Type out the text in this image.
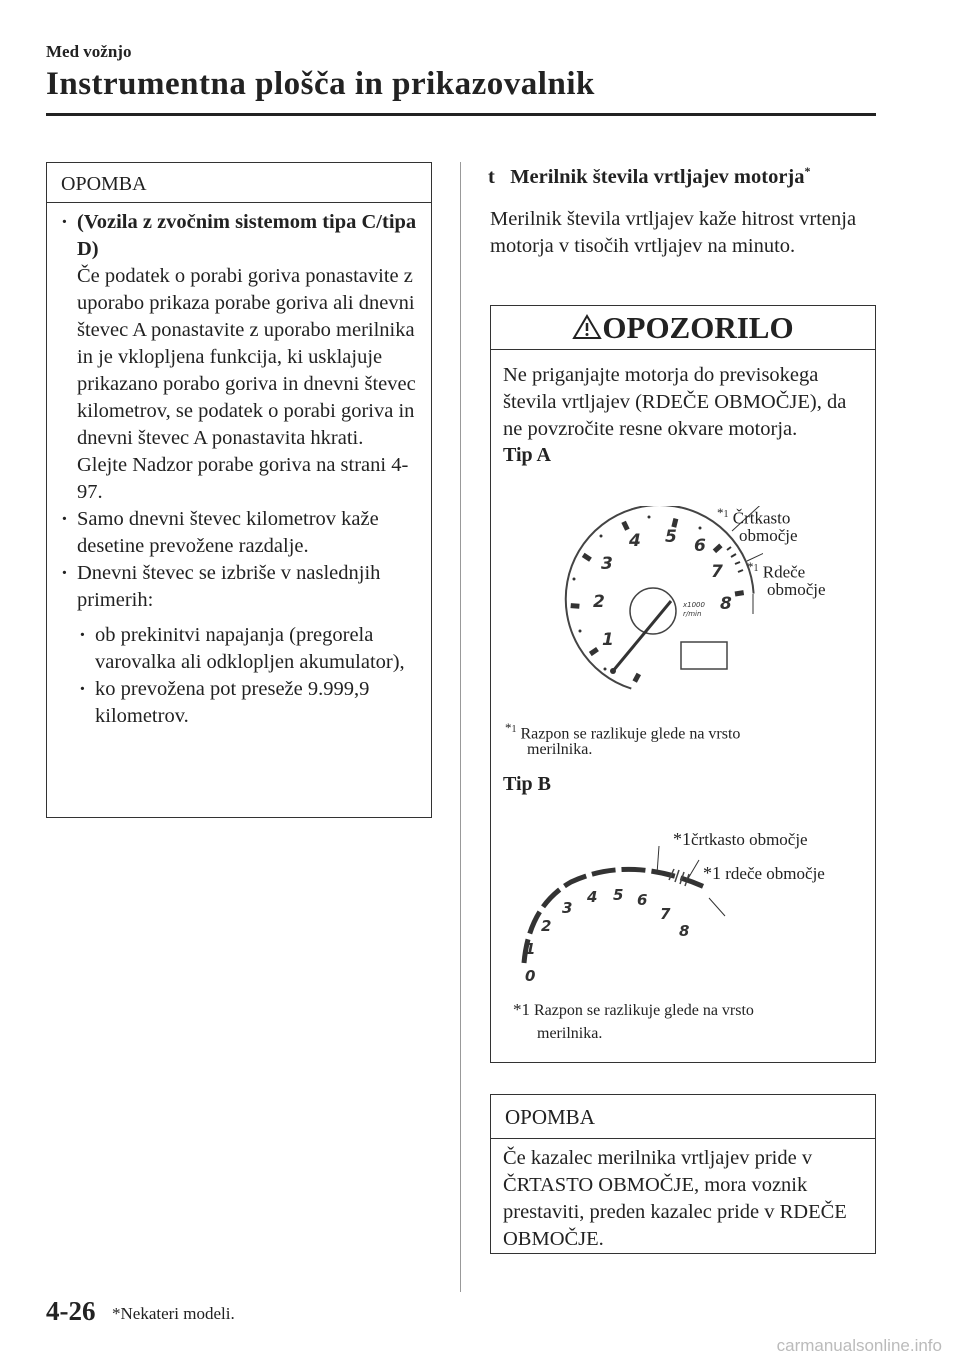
Med vožnjo
Instrumentna plošča in prikazovalnik
OPOMBA
· (Vozila z zvočnim sistemom tipa C/tipa D)
Če podatek o porabi goriva ponastavite z uporabo prikaza porabe goriva ali dnevni števec A ponastavite z uporabo merilnika in je vklopljena funkcija, ki usklajuje prikazano porabo goriva in dnevni števec kilometrov, se podatek o porabi goriva in dnevni števec A ponastavita hkrati.
Glejte Nadzor porabe goriva na strani 4-97.
· Samo dnevni števec kilometrov kaže desetine prevožene razdalje.
· Dnevni števec se izbriše v naslednjih primerih:
· ob prekinitvi napajanja (pregorela varovalka ali odklopljen akumulator),
· ko prevožena pot preseže 9.999,9 kilometrov.
t Merilnik števila vrtljajev motorja*
Merilnik števila vrtljajev kaže hitrost vrtenja motorja v tisočih vrtljajev na minuto.
OPOZORILO
Ne priganjajte motorja do previsokega števila vrtljajev (RDEČE OBMOČJE), da ne povzročite resne okvare motorja.
Tip A
1
2
3
4 5 6
7
8
x1000
r/min
$^{*1}$ Črtkasto
območje
$^{*1}$ Rdeče
območje
$^{*1}$ Razpon se razlikuje glede na vrsto
merilnika.
Tip B
0
1
2
3
4 5 6
7
8
*1črtkasto območje
*1 rdeče območje
*1 Razpon se razlikuje glede na vrsto
merilnika.
OPOMBA
Če kazalec merilnika vrtljajev pride v ČRTASTO OBMOČJE, mora voznik prestaviti, preden kazalec pride v RDEČE OBMOČJE.
4-26 *Nekateri modeli.
carmanualsonline.info
